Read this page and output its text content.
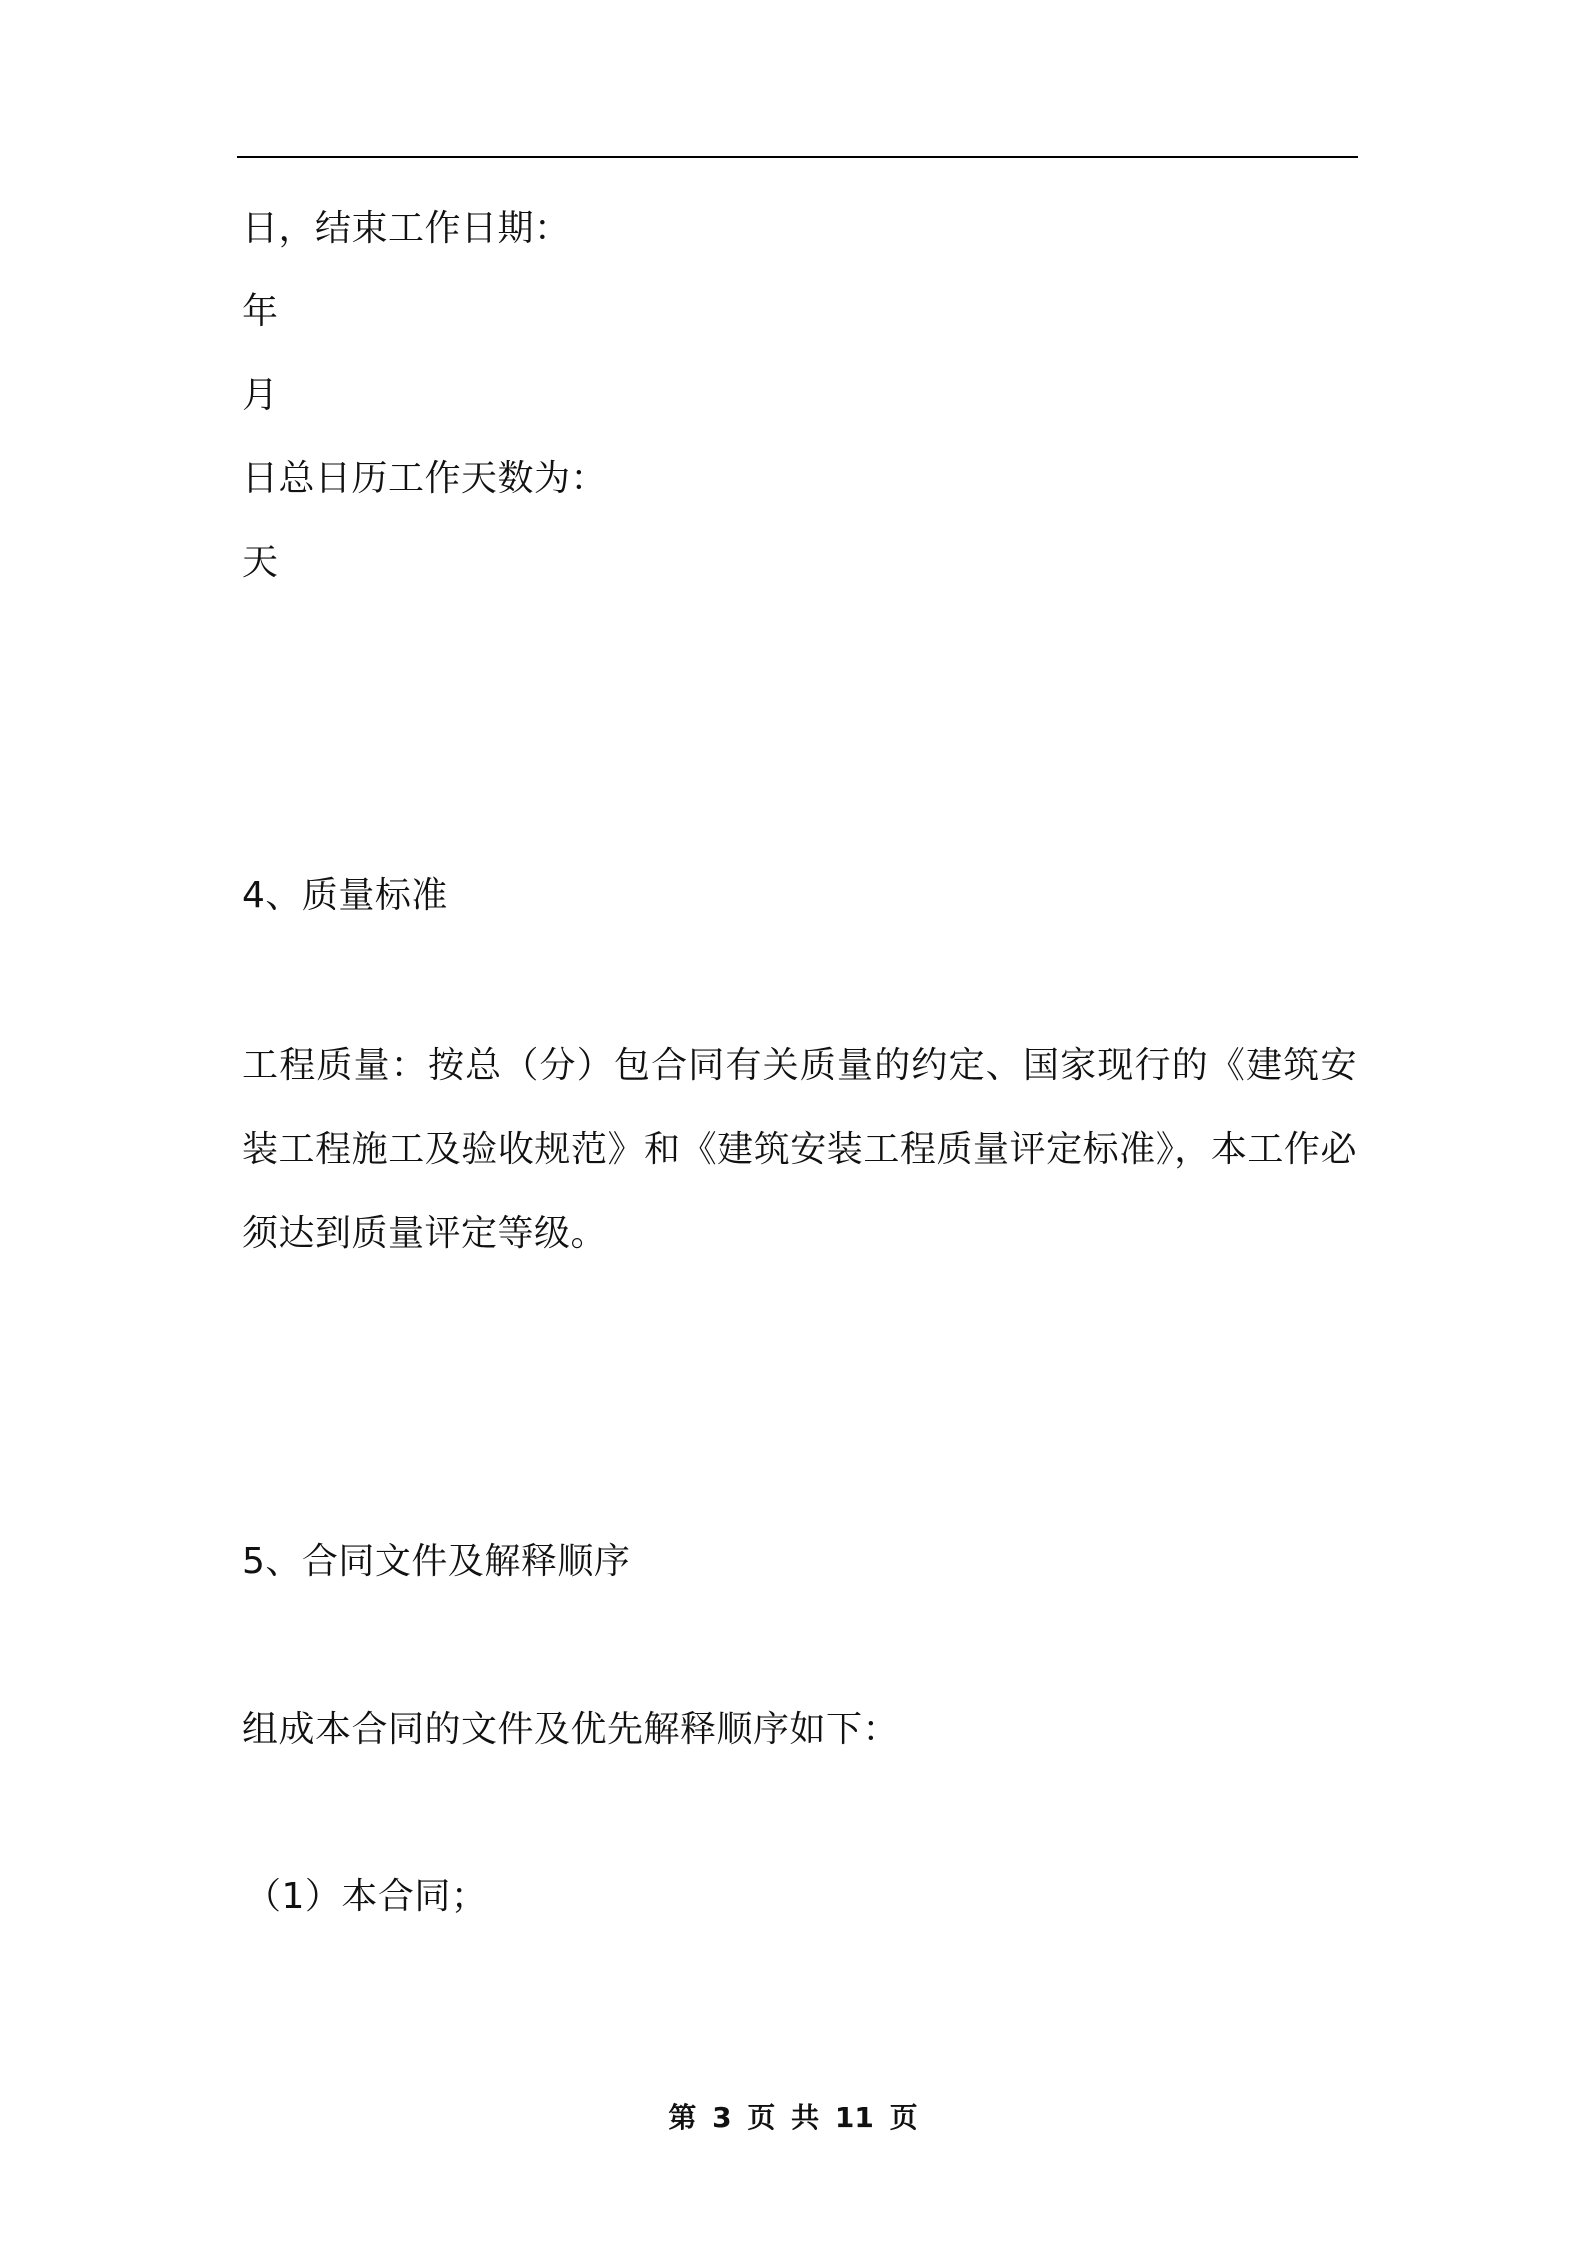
日，结束工作日期：
年
月
日总日历工作天数为：
天
4、质量标准
工程质量：按总（分）包合同有关质量的约定、国家现行的《建筑安装工程施工及验收规范》和《建筑安装工程质量评定标准》，本工作必须达到质量评定等级。
5、合同文件及解释顺序
组成本合同的文件及优先解释顺序如下：
（1）本合同；
第 3 页 共 11 页
